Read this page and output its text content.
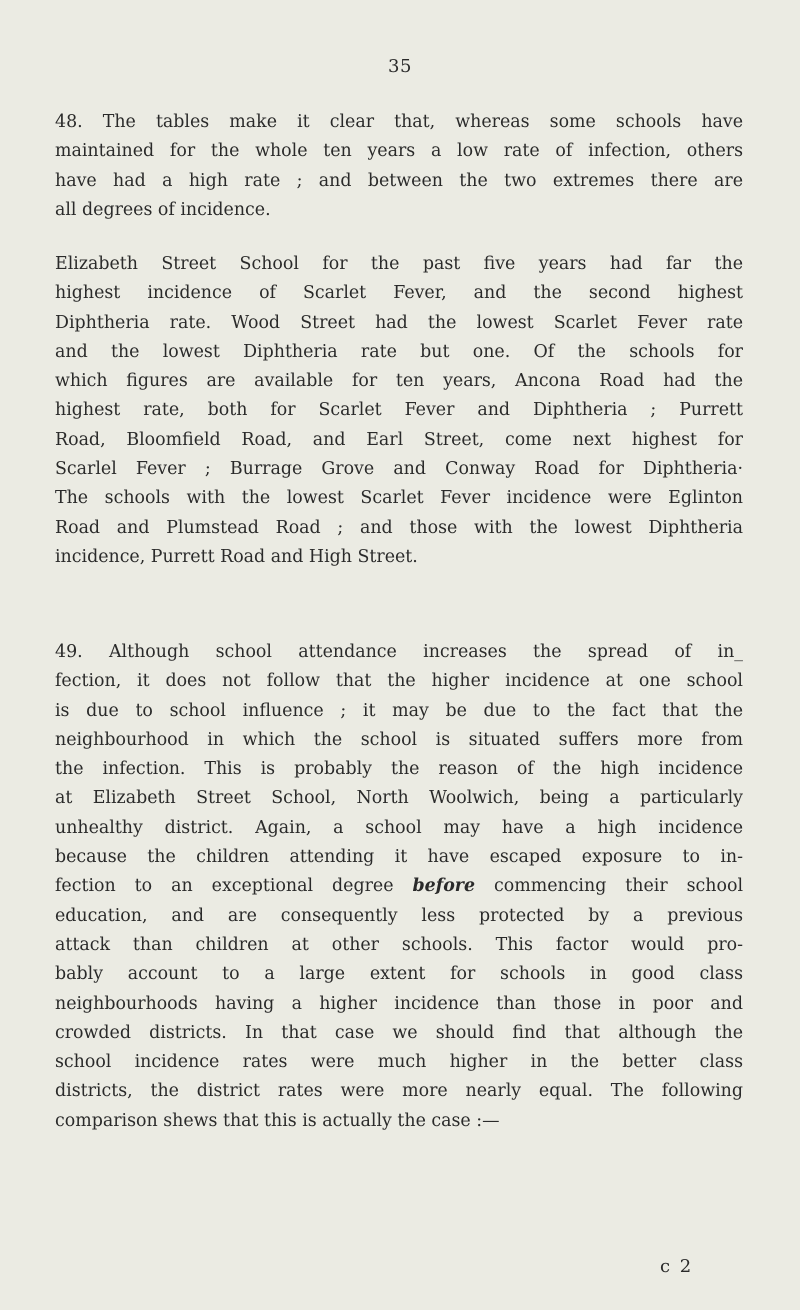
35
48. The tables make it clear that, whereas some schools have
maintained for the whole ten years a low rate of infection, others
have had a high rate ; and between the two extremes there are
all degrees of incidence.
Elizabeth Street School for the past five years had far the
highest incidence of Scarlet Fever, and the second highest
Diphtheria rate. Wood Street had the lowest Scarlet Fever rate
and the lowest Diphtheria rate but one. Of the schools for
which figures are available for ten years, Ancona Road had the
highest rate, both for Scarlet Fever and Diphtheria ; Purrett
Road, Bloomfield Road, and Earl Street, come next highest for
Scarlel Fever ; Burrage Grove and Conway Road for Diphtheria·
The schools with the lowest Scarlet Fever incidence were Eglinton
Road and Plumstead Road ; and those with the lowest Diphtheria
incidence, Purrett Road and High Street.
49. Although school attendance increases the spread of in_
fection, it does not follow that the higher incidence at one school
is due to school influence ; it may be due to the fact that the
neighbourhood in which the school is situated suffers more from
the infection. This is probably the reason of the high incidence
at Elizabeth Street School, North Woolwich, being a particularly
unhealthy district. Again, a school may have a high incidence
because the children attending it have escaped exposure to in-
fection to an exceptional degree before commencing their school
education, and are consequently less protected by a previous
attack than children at other schools. This factor would pro-
bably account to a large extent for schools in good class
neighbourhoods having a higher incidence than those in poor and
crowded districts. In that case we should find that although the
school incidence rates were much higher in the better class
districts, the district rates were more nearly equal. The following
comparison shews that this is actually the case :—
c 2
